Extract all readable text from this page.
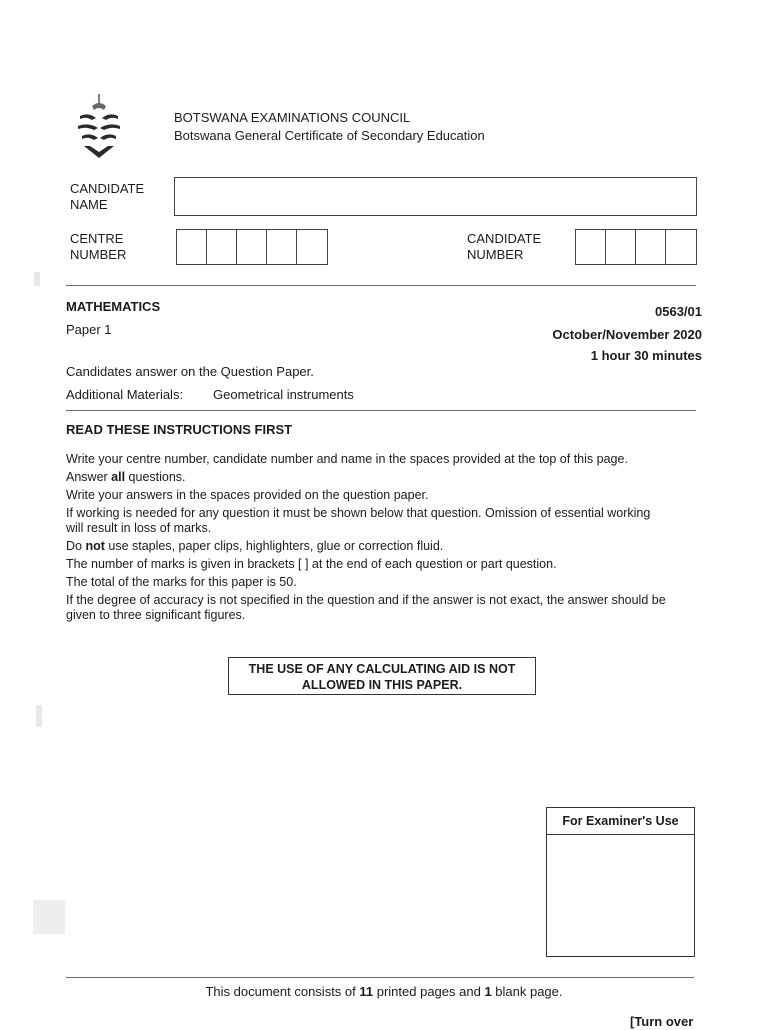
BOTSWANA EXAMINATIONS COUNCIL
Botswana General Certificate of Secondary Education
CANDIDATE
NAME
CENTRE
NUMBER
CANDIDATE
NUMBER
MATHEMATICS
Paper 1
0563/01
October/November 2020
1 hour 30 minutes
Candidates answer on the Question Paper.
Additional Materials: Geometrical instruments
READ THESE INSTRUCTIONS FIRST

Write your centre number, candidate number and name in the spaces provided at the top of this page.

Answer all questions.

Write your answers in the spaces provided on the question paper.

If working is needed for any question it must be shown below that question. Omission of essential working

will result in loss of marks.

Do not use staples, paper clips, highlighters, glue or correction fluid.

The number of marks is given in brackets [ ] at the end of each question or part question.

The total of the marks for this paper is 50.

If the degree of accuracy is not specified in the question and if the answer is not exact, the answer should be

given to three significant figures.

THE USE OF ANY CALCULATING AID IS NOT
ALLOWED IN THIS PAPER.
For Examiner's Use
This document consists of 11 printed pages and 1 blank page.
[Turn over
